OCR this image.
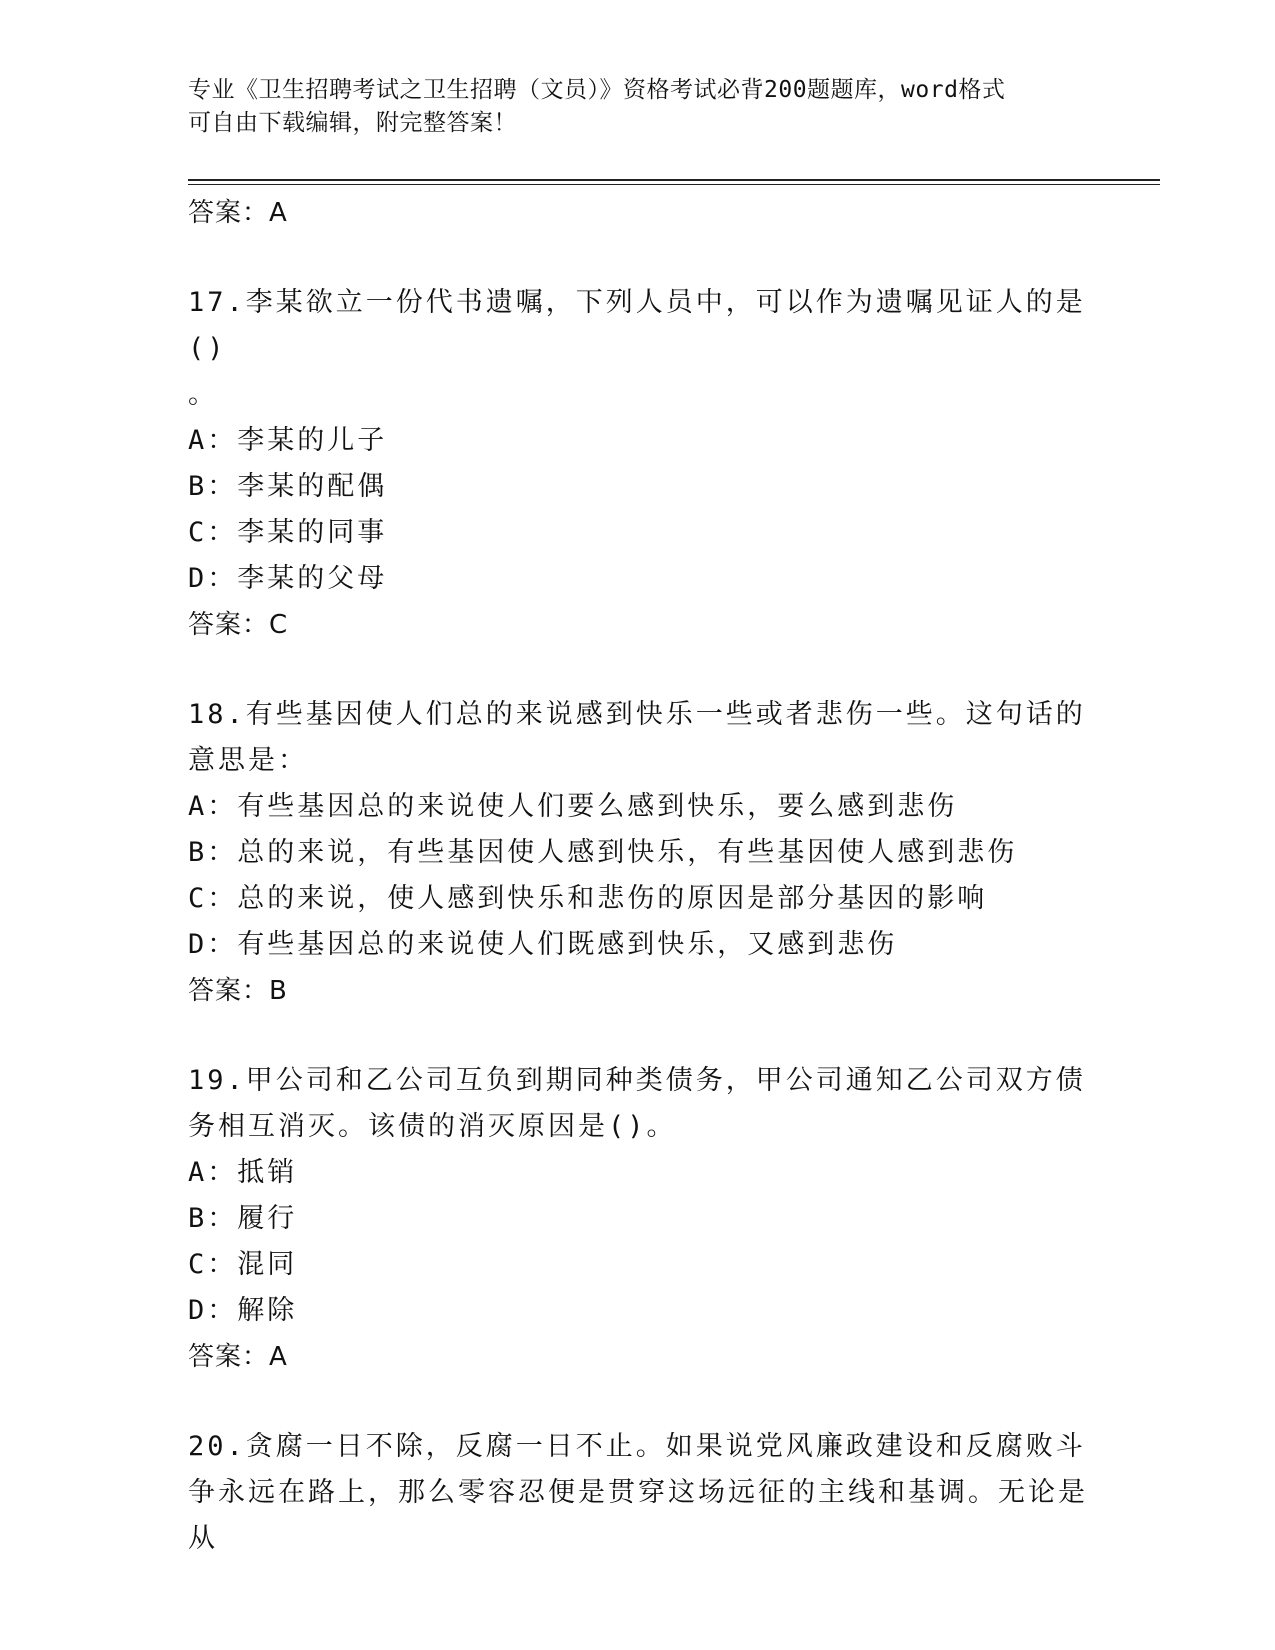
专业《卫生招聘考试之卫生招聘（文员）》资格考试必背200题题库，word格式
可自由下载编辑，附完整答案！
答案：A
17.李某欲立一份代书遗嘱，下列人员中，可以作为遗嘱见证人的是()
。
A：李某的儿子
B：李某的配偶
C：李某的同事
D：李某的父母
答案：C
18.有些基因使人们总的来说感到快乐一些或者悲伤一些。这句话的意思是：
A：有些基因总的来说使人们要么感到快乐，要么感到悲伤
B：总的来说，有些基因使人感到快乐，有些基因使人感到悲伤
C：总的来说，使人感到快乐和悲伤的原因是部分基因的影响
D：有些基因总的来说使人们既感到快乐，又感到悲伤
答案：B
19.甲公司和乙公司互负到期同种类债务，甲公司通知乙公司双方债务相互消灭。该债的消灭原因是()。
A：抵销
B：履行
C：混同
D：解除
答案：A
20.贪腐一日不除，反腐一日不止。如果说党风廉政建设和反腐败斗争永远在路上，那么零容忍便是贯穿这场远征的主线和基调。无论是从
